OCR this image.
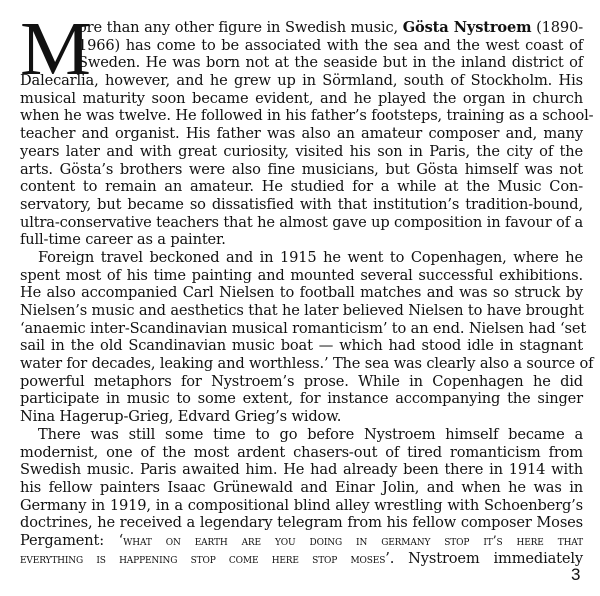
M
ore than any other figure in Swedish music, Gösta Nystroem (1890-
1966) has come to be associated with the sea and the west coast of
Sweden. He was born not at the seaside but in the inland district of
Dalecarlia, however, and he grew up in Sörmland, south of Stockholm. His
musical maturity soon became evident, and he played the organ in church
when he was twelve. He followed in his father’s footsteps, training as a school-
teacher and organist. His father was also an amateur composer and, many
years later and with great curiosity, visited his son in Paris, the city of the
arts. Gösta’s brothers were also fine musicians, but Gösta himself was not
content to remain an amateur. He studied for a while at the Music Con-
servatory, but became so dissatisfied with that institution’s tradition-bound,
ultra-conservative teachers that he almost gave up composition in favour of a
full-time career as a painter.
Foreign travel beckoned and in 1915 he went to Copenhagen, where he
spent most of his time painting and mounted several successful exhibitions.
He also accompanied Carl Nielsen to football matches and was so struck by
Nielsen’s music and aesthetics that he later believed Nielsen to have brought
‘anaemic inter-Scandinavian musical romanticism’ to an end. Nielsen had ‘set
sail in the old Scandinavian music boat — which had stood idle in stagnant
water for decades, leaking and worthless.’ The sea was clearly also a source of
powerful metaphors for Nystroem’s prose. While in Copenhagen he did
participate in music to some extent, for instance accompanying the singer
Nina Hagerup-Grieg, Edvard Grieg’s widow.
There was still some time to go before Nystroem himself became a
modernist, one of the most ardent chasers-out of tired romanticism from
Swedish music. Paris awaited him. He had already been there in 1914 with
his fellow painters Isaac Grünewald and Einar Jolin, and when he was in
Germany in 1919, in a compositional blind alley wrestling with Schoenberg’s
doctrines, he received a legendary telegram from his fellow composer Moses
Pergament: ‘what on earth are you doing in germany stop it’s here that
everything is happening stop come here stop moses’. Nystroem immediately
3
